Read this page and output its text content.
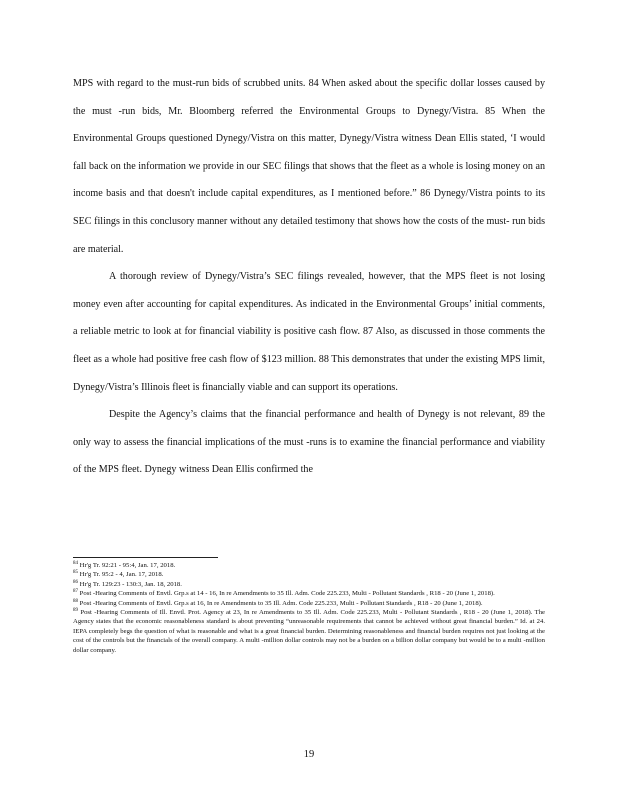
MPS with regard to the must-run bids of scrubbed units. 84 When asked about the specific dollar losses caused by the must -run bids, Mr. Bloomberg referred the Environmental Groups to Dynegy/Vistra. 85 When the Environmental Groups questioned Dynegy/Vistra on this matter, Dynegy/Vistra witness Dean Ellis stated, ‘I would fall back on the information we provide in our SEC filings that shows that the fleet as a whole is losing money on an income basis and that doesn't include capital expenditures, as I mentioned before.” 86 Dynegy/Vistra points to its SEC filings in this conclusory manner without any detailed testimony that shows how the costs of the must- run bids are material.

A thorough review of Dynegy/Vistra’s SEC filings revealed, however, that the MPS fleet is not losing money even after accounting for capital expenditures. As indicated in the Environmental Groups’ initial comments, a reliable metric to look at for financial viability is positive cash flow. 87 Also, as discussed in those comments the fleet as a whole had positive free cash flow of $123 million. 88 This demonstrates that under the existing MPS limit, Dynegy/Vistra’s Illinois fleet is financially viable and can support its operations.

Despite the Agency’s claims that the financial performance and health of Dynegy is not relevant, 89 the only way to assess the financial implications of the must -runs is to examine the financial performance and viability of the MPS fleet. Dynegy witness Dean Ellis confirmed the

$^{84}$ Hr'g Tr. 92:21 - 95:4, Jan. 17, 2018.

$^{85}$ Hr'g Tr. 95:2 - 4, Jan. 17, 2018.

$^{86}$ Hr'g Tr. 129:23 - 130:3, Jan. 18, 2018.

$^{87}$ Post -Hearing Comments of Envtl. Grp.s at 14 - 16, In re Amendments to 35 Ill. Adm. Code 225.233, Multi - Pollutant Standards , R18 - 20 (June 1, 2018).

$^{88}$ Post -Hearing Comments of Envtl. Grp.s at 16, In re Amendments to 35 Ill. Adm. Code 225.233, Multi - Pollutant Standards , R18 - 20 (June 1, 2018).

$^{89}$ Post -Hearing Comments of Ill. Envtl. Prot. Agency at 23, In re Amendments to 35 Ill. Adm. Code 225.233, Multi - Pollutant Standards , R18 - 20 (June 1, 2018). The Agency states that the economic reasonableness standard is about preventing “unreasonable requirements that cannot be achieved without great financial burden.” Id. at 24. IEPA completely begs the question of what is reasonable and what is a great financial burden. Determining reasonableness and financial burden requires not just looking at the cost of the controls but the financials of the overall company. A multi -million dollar controls may not be a burden on a billion dollar company but would be to a multi -million dollar company.

19
